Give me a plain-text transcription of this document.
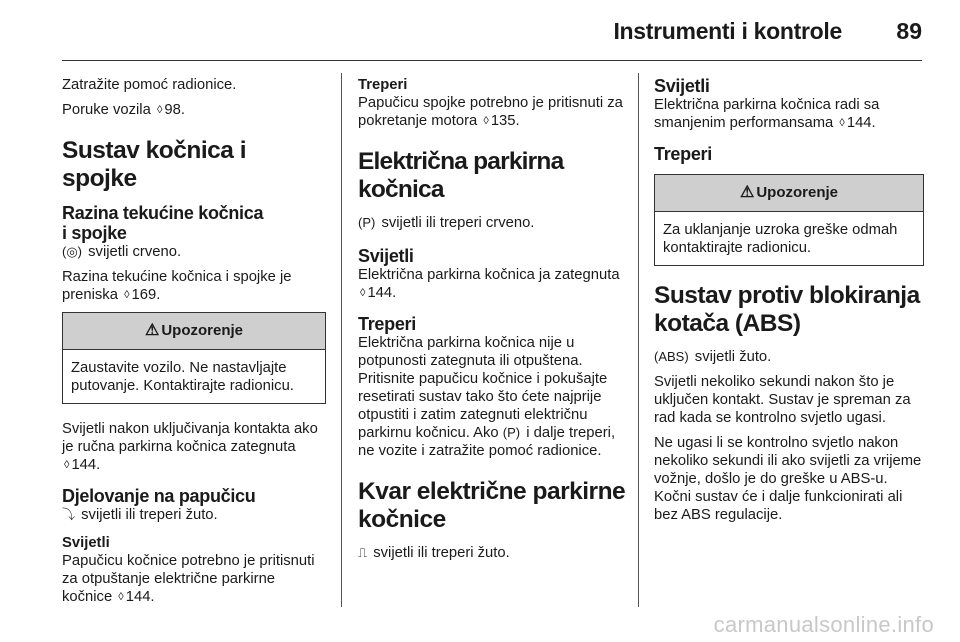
Instrumenti i kontrole 89

Zatražite pomoć radionice.

Poruke vozila ◊ 98.

Sustav kočnica i spojke
Razina tekućine kočnica
i spojke

(◎) svijetli crveno.

Razina tekućine kočnica i spojke je preniska ◊ 169.

⚠ Upozorenje
Zaustavite vozilo. Ne nastavljajte putovanje. Kontaktirajte radionicu.

Svijetli nakon uključivanja kontakta ako je ručna parkirna kočnica zategnuta ◊ 144.

Djelovanje na papučicu

⤵ svijetli ili treperi žuto.

Svijetli

Papučicu kočnice potrebno je pritisnuti za otpuštanje električne parkirne kočnice ◊ 144.

Treperi

Papučicu spojke potrebno je pritisnuti za pokretanje motora ◊ 135.

Električna parkirna kočnica

(P) svijetli ili treperi crveno.

Svijetli

Električna parkirna kočnica ja zategnuta ◊ 144.

Treperi

Električna parkirna kočnica nije u potpunosti zategnuta ili otpuštena. Pritisnite papučicu kočnice i pokušajte resetirati sustav tako što ćete najprije otpustiti i zatim zategnuti električnu parkirnu kočnicu. Ako (P) i dalje treperi, ne vozite i zatražite pomoć radionice.

Kvar električne parkirne
kočnice

⎍ svijetli ili treperi žuto.

Svijetli

Električna parkirna kočnica radi sa smanjenim performansama ◊ 144.

Treperi

⚠ Upozorenje
Za uklanjanje uzroka greške odmah kontaktirajte radionicu.
Sustav protiv blokiranja
kotača (ABS)

(ABS) svijetli žuto.

Svijetli nekoliko sekundi nakon što je uključen kontakt. Sustav je spreman za rad kada se kontrolno svjetlo ugasi.

Ne ugasi li se kontrolno svjetlo nakon nekoliko sekundi ili ako svijetli za vrijeme vožnje, došlo je do greške u ABS-u. Kočni sustav će i dalje funkcionirati ali bez ABS regulacije.

carmanualsonline.info
